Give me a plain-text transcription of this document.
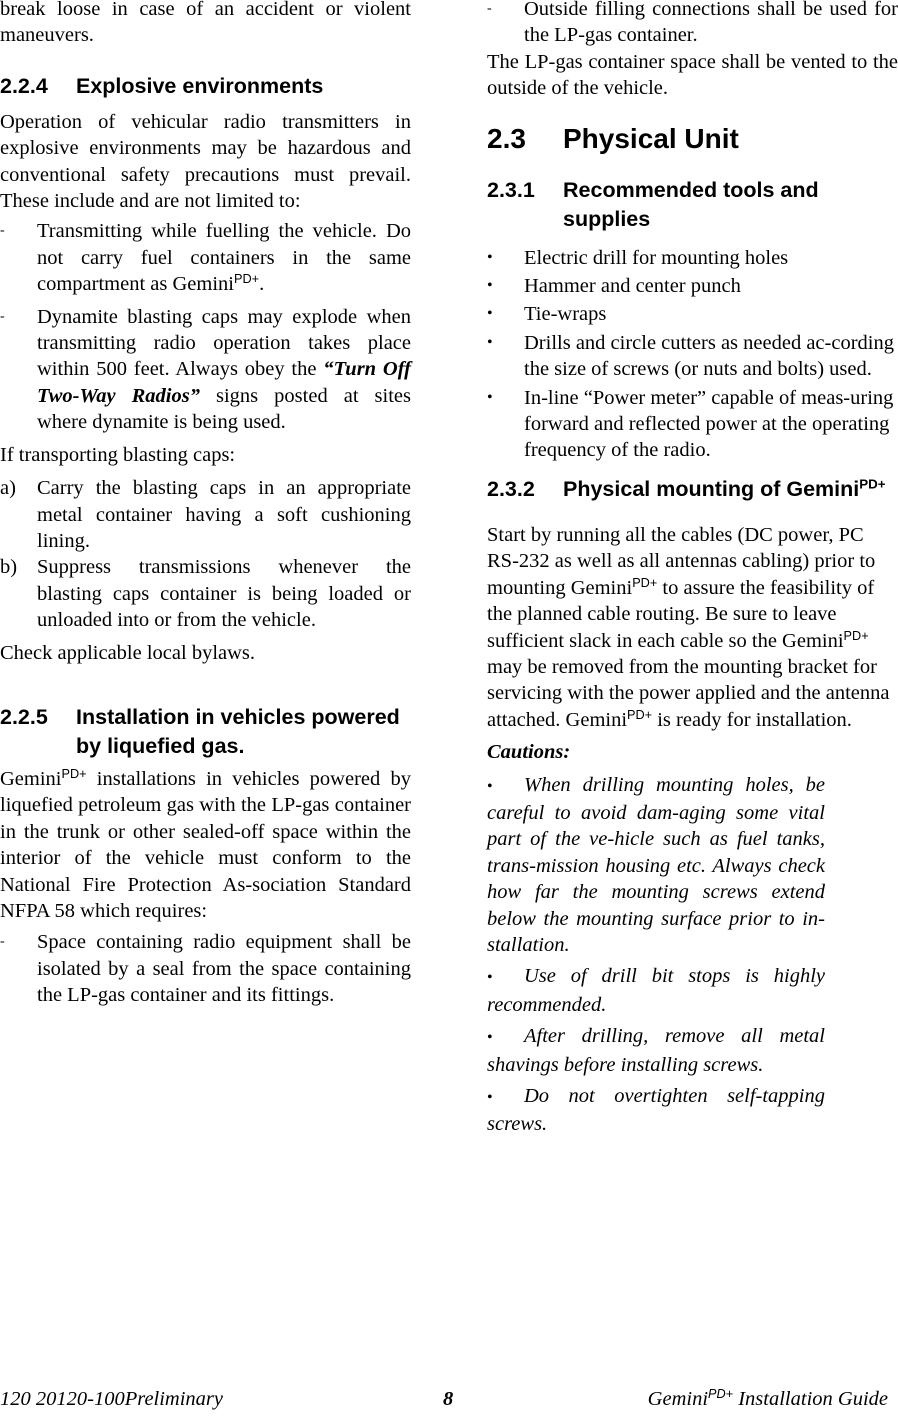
break loose in case of an accident or violent maneuvers.

2.2.4	Explosive environments

Operation of vehicular radio transmitters in explosive environments may be hazardous and conventional safety precautions must prevail. These include and are not limited to:

-	Transmitting while fuelling the vehicle. Do not carry fuel containers in the same compartment as Gemini$^{PD+}$.
-	Dynamite blasting caps may explode when transmitting radio operation takes place within 500 feet. Always obey the “Turn Off Two-Way Radios” signs posted at sites where dynamite is being used.

If transporting blasting caps:

a)	Carry the blasting caps in an appropriate metal container having a soft cushioning lining.
b) Suppress transmissions whenever the blasting caps container is being loaded or unloaded into or from the vehicle.

Check applicable local bylaws.

2.2.5	Installation in vehicles powered by liquefied gas.

Gemini$^{PD+}$ installations in vehicles powered by liquefied petroleum gas with the LP-gas container in the trunk or other sealed-off space within the interior of the vehicle must conform to the National Fire Protection As-sociation Standard NFPA 58 which requires:

-	Space containing radio equipment shall be isolated by a seal from the space containing the LP-gas container and its fittings.
-	Outside filling connections shall be used for the LP-gas container.

The LP-gas container space shall be vented to the outside of the vehicle.

2.3	Physical Unit
2.3.1	Recommended tools and supplies
•	Electric drill for mounting holes
•	Hammer and center punch
•	Tie-wraps
•	Drills and circle cutters as needed ac-cording the size of screws (or nuts and bolts) used.
•	In-line “Power meter” capable of meas-uring forward and reflected power at the operating frequency of the radio.
2.3.2	Physical mounting of Gemini$^{PD+}$

Start by running all the cables (DC power, PC RS-232 as well as all antennas cabling) prior to mounting Gemini$^{PD+}$ to assure the feasibility of the planned cable routing. Be sure to leave sufficient slack in each cable so the Gemini$^{PD+}$ may be removed from the mounting bracket for servicing with the power applied and the antenna attached. Gemini$^{PD+}$ is ready for installation.

Cautions:

• When drilling mounting holes, be careful to avoid dam-aging some vital part of the ve-hicle such as fuel tanks, trans-mission housing etc. Always check how far the mounting screws extend below the mounting surface prior to in-stallation.

• Use of drill bit stops is highly recommended.

• After drilling, remove all metal shavings before installing screws.

• Do not overtighten self-tapping screws.

120 20120-100Preliminary	8	Gemini$^{PD+}$ Installation Guide
